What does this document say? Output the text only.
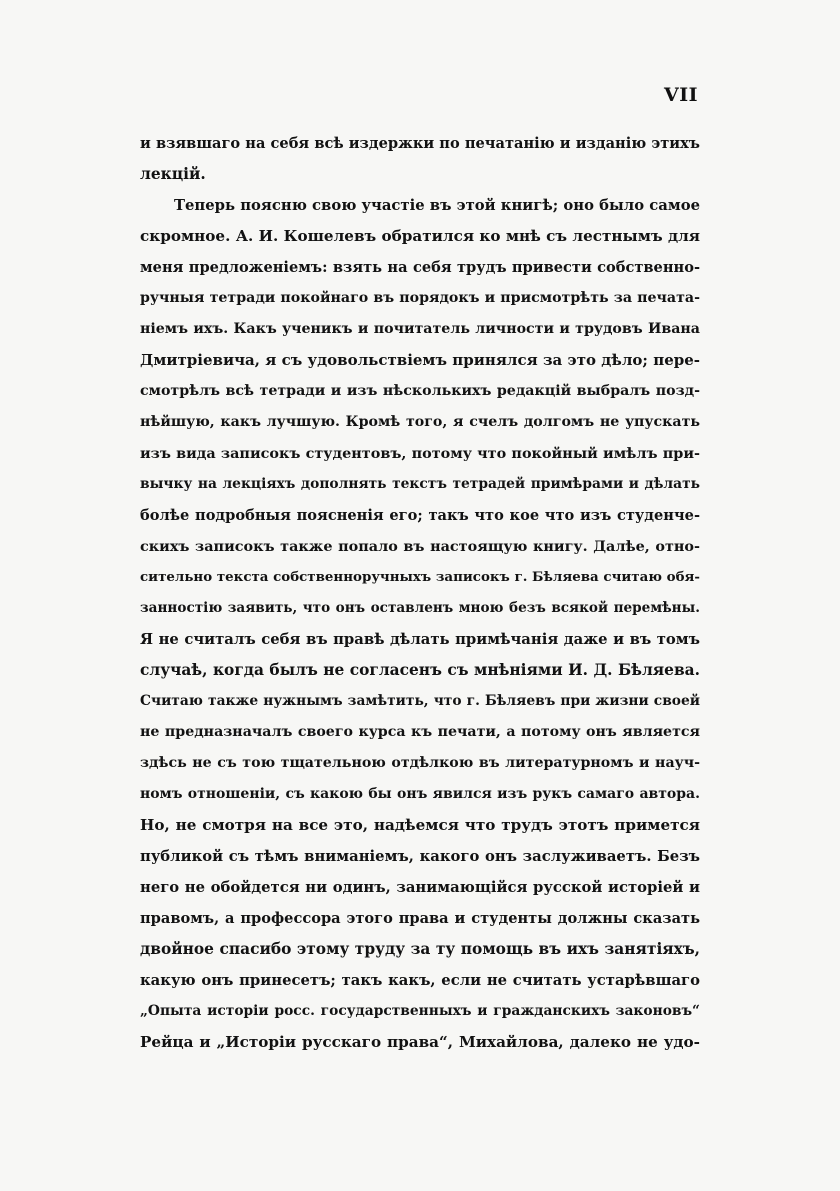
VII
и взявшаго на себя всѣ издержки по печатанію и изданію этихъ
лекцій.
Теперь поясню свою участіе въ этой книгѣ; оно было самое
скромное. А. И. Кошелевъ обратился ко мнѣ съ лестнымъ для
меня предложеніемъ: взять на себя трудъ привести собственно-
ручныя тетради покойнаго въ порядокъ и присмотрѣть за печата-
ніемъ ихъ. Какъ ученикъ и почитатель личности и трудовъ Ивана
Дмитріевича, я съ удовольствіемъ принялся за это дѣло; пере-
смотрѣлъ всѣ тетради и изъ нѣсколькихъ редакцій выбралъ позд-
нѣйшую, какъ лучшую. Кромѣ того, я счелъ долгомъ не упускать
изъ вида записокъ студентовъ, потому что покойный имѣлъ при-
вычку на лекціяхъ дополнять текстъ тетрадей примѣрами и дѣлать
болѣе подробныя поясненія его; такъ что кое что изъ студенче-
скихъ записокъ также попало въ настоящую книгу. Далѣе, отно-
сительно текста собственноручныхъ записокъ г. Бѣляева считаю обя-
занностію заявить, что онъ оставленъ мною безъ всякой перемѣны.
Я не считалъ себя въ правѣ дѣлать примѣчанія даже и въ томъ
случаѣ, когда былъ не согласенъ съ мнѣніями И. Д. Бѣляева.
Считаю также нужнымъ замѣтить, что г. Бѣляевъ при жизни своей
не предназначалъ своего курса къ печати, а потому онъ является
здѣсь не съ тою тщательною отдѣлкою въ литературномъ и науч-
номъ отношеніи, съ какою бы онъ явился изъ рукъ самаго автора.
Но, не смотря на все это, надѣемся что трудъ этотъ примется
публикой съ тѣмъ вниманіемъ, какого онъ заслуживаетъ. Безъ
него не обойдется ни одинъ, занимающійся русской исторіей и
правомъ, а профессора этого права и студенты должны сказать
двойное спасибо этому труду за ту помощь въ ихъ занятіяхъ,
какую онъ принесетъ; такъ какъ, если не считать устарѣвшаго
„Опыта исторіи росс. государственныхъ и гражданскихъ законовъ“
Рейца и „Исторіи русскаго права“, Михайлова, далеко не удо-
